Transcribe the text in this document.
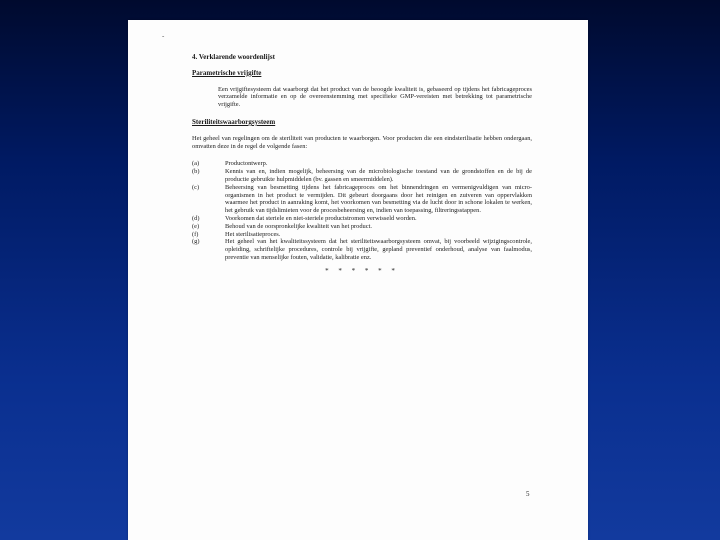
-
4. Verklarende woordenlijst
Parametrische vrijgifte
Een vrijgiftesysteem dat waarborgt dat het product van de beoogde kwaliteit is, gebaseerd op tijdens het fabricageproces verzamelde informatie en op de overeenstemming met specifieke GMP-vereisten met betrekking tot parametrische vrijgifte.
Steriliteitswaarborgsysteem
Het geheel van regelingen om de steriliteit van producten te waarborgen. Voor producten die een eindsterilisatie hebben ondergaan, omvatten deze in de regel de volgende fasen:
(a)	Productontwerp.
(b)	Kennis van en, indien mogelijk, beheersing van de microbiologische toestand van de grondstoffen en de bij de productie gebruikte hulpmiddelen (bv. gassen en smeermiddelen).
(c)	Beheersing van besmetting tijdens het fabricageproces om het binnendringen en vermenigvuldigen van micro-organismen in het product te vermijden. Dit gebeurt doorgaans door het reinigen en zuiveren van oppervlakken waarmee het product in aanraking komt, het voorkomen van besmetting via de lucht door in schone lokalen te werken, het gebruik van tijdslimieten voor de procesbeheersing en, indien van toepassing, filtreringsstappen.
(d)	Voorkomen dat steriele en niet-steriele productstromen verwisseld worden.
(e)	Behoud van de oorspronkelijke kwaliteit van het product.
(f)	Het sterilisatieproces.
(g)	Het geheel van het kwaliteitssysteem dat het steriliteitswaarborgsysteem omvat, bij voorbeeld wijzigingscontrole, opleiding, schriftelijke procedures, controle bij vrijgifte, gepland preventief onderhoud, analyse van faalmodus, preventie van menselijke fouten, validatie, kalibratie enz.
* * * * * *
5
